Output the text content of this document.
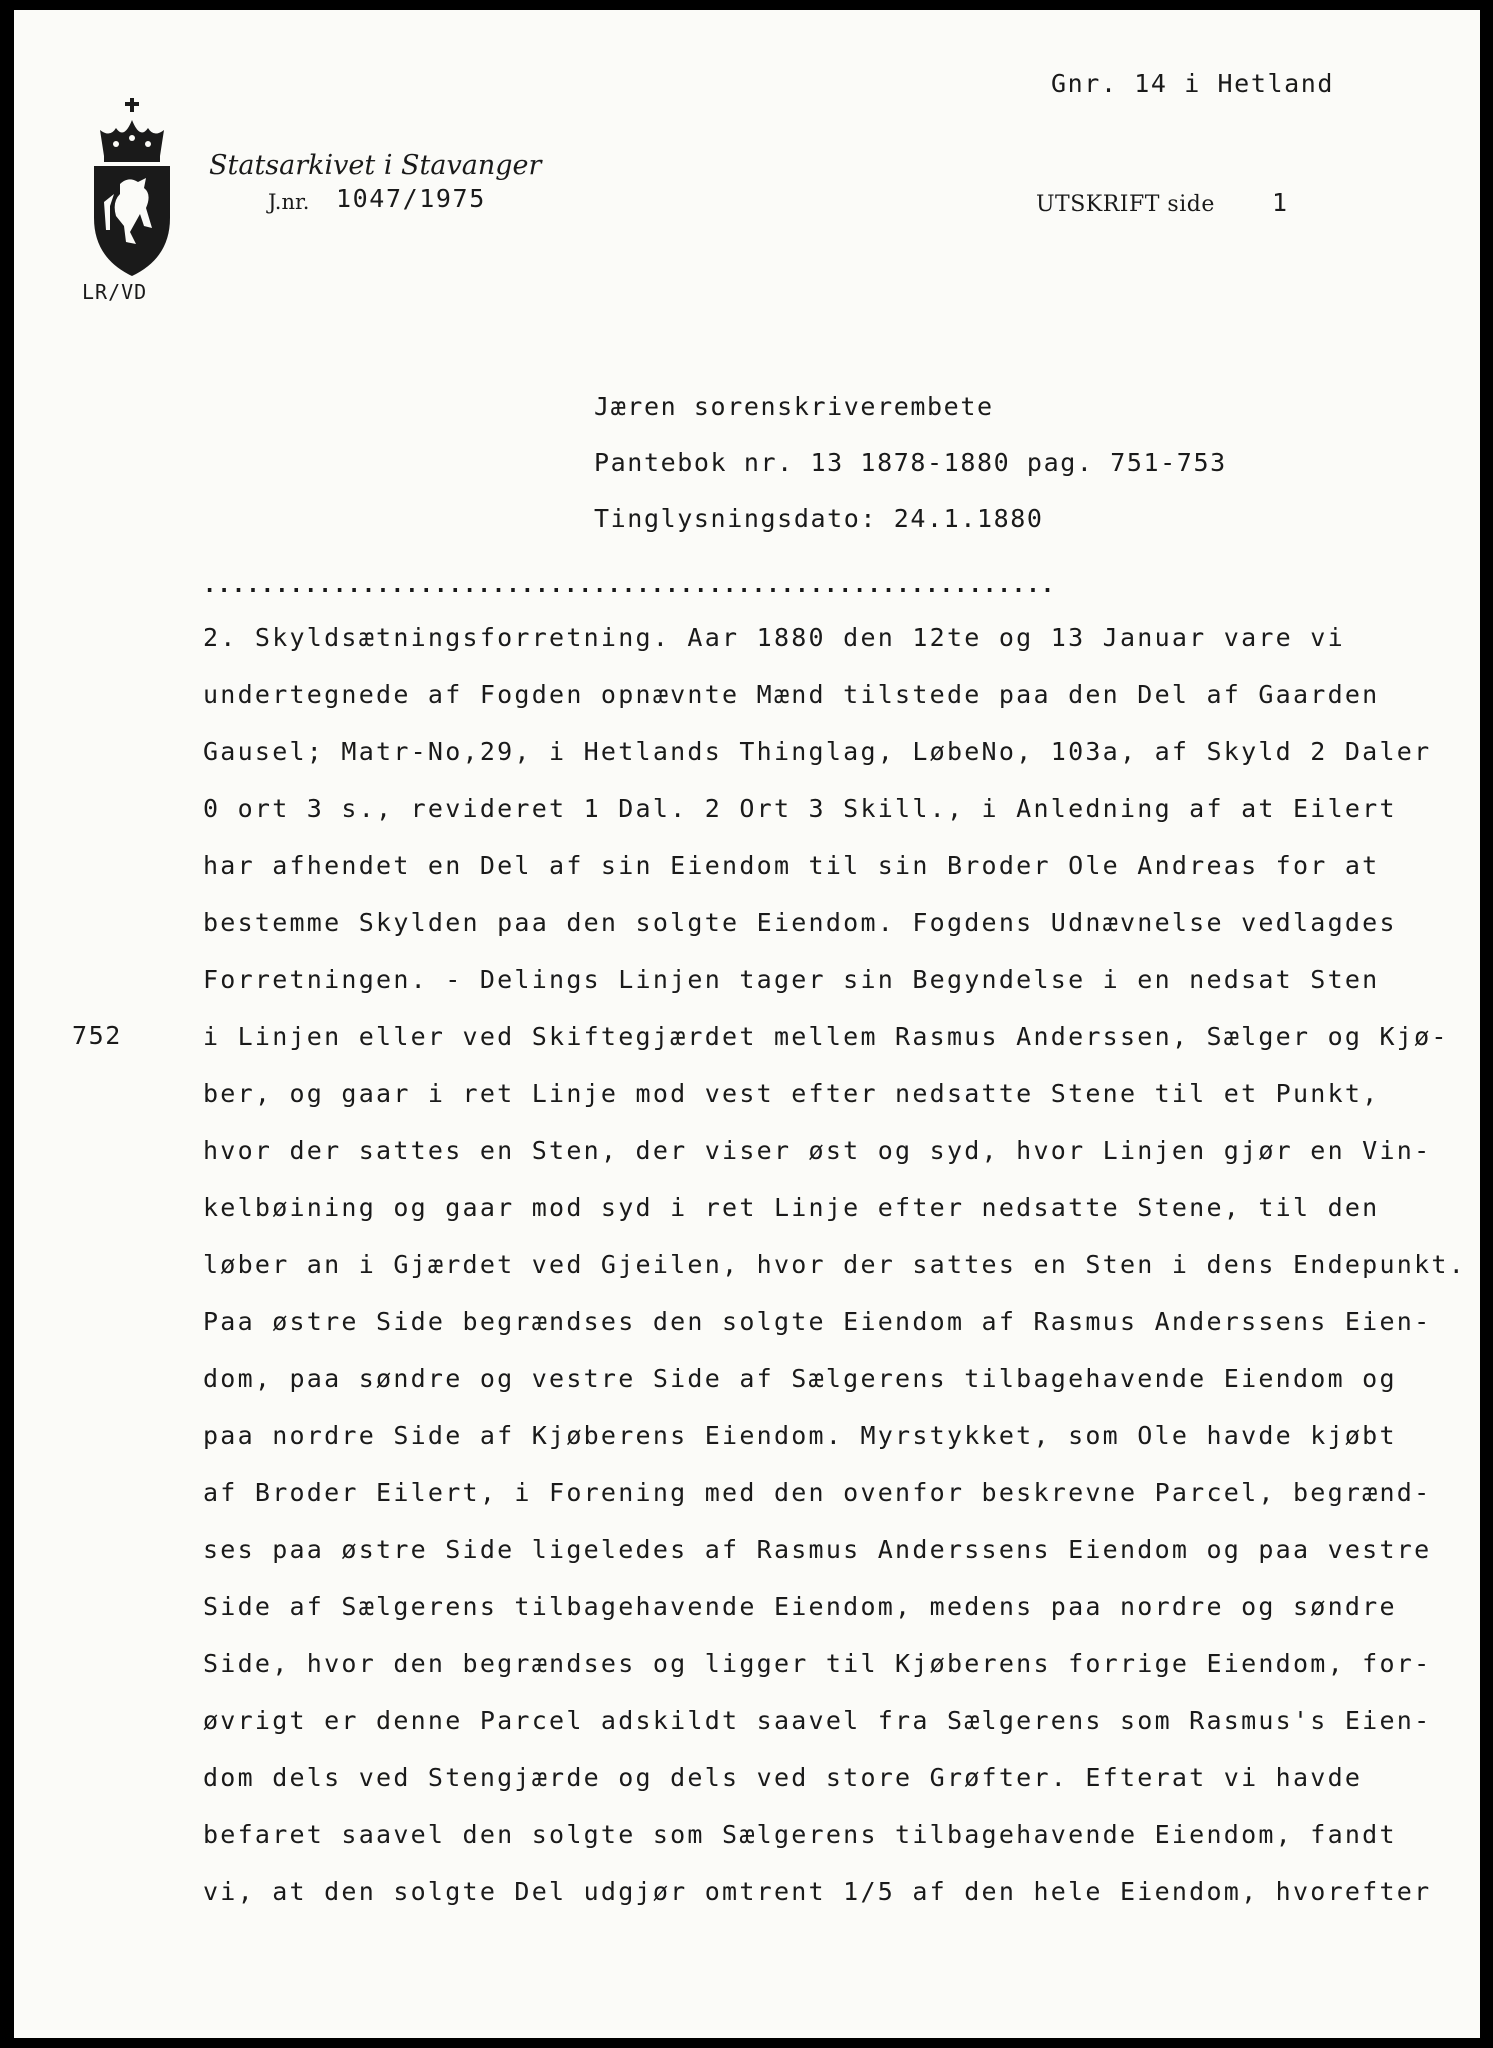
Statsarkivet i Stavanger
J.nr. 1047/1975
Gnr. 14 i Hetland
UTSKRIFT side 1
LR/VD
Jæren sorenskriverembete
Pantebok nr. 13 1878-1880 pag. 751-753
Tinglysningsdato: 24.1.1880
...........................................................
752
2. Skyldsætningsforretning. Aar 1880 den 12te og 13 Januar vare vi
undertegnede af Fogden opnævnte Mænd tilstede paa den Del af Gaarden
Gausel; Matr-No,29, i Hetlands Thinglag, LøbeNo, 103a, af Skyld 2 Daler
0 ort 3 s., revideret 1 Dal. 2 Ort 3 Skill., i Anledning af at Eilert
har afhendet en Del af sin Eiendom til sin Broder Ole Andreas for at
bestemme Skylden paa den solgte Eiendom. Fogdens Udnævnelse vedlagdes
Forretningen. - Delings Linjen tager sin Begyndelse i en nedsat Sten
i Linjen eller ved Skiftegjærdet mellem Rasmus Anderssen, Sælger og Kjø-
ber, og gaar i ret Linje mod vest efter nedsatte Stene til et Punkt,
hvor der sattes en Sten, der viser øst og syd, hvor Linjen gjør en Vin-
kelbøining og gaar mod syd i ret Linje efter nedsatte Stene, til den
løber an i Gjærdet ved Gjeilen, hvor der sattes en Sten i dens Endepunkt.
Paa østre Side begrændses den solgte Eiendom af Rasmus Anderssens Eien-
dom, paa søndre og vestre Side af Sælgerens tilbagehavende Eiendom og
paa nordre Side af Kjøberens Eiendom. Myrstykket, som Ole havde kjøbt
af Broder Eilert, i Forening med den ovenfor beskrevne Parcel, begrænd-
ses paa østre Side ligeledes af Rasmus Anderssens Eiendom og paa vestre
Side af Sælgerens tilbagehavende Eiendom, medens paa nordre og søndre
Side, hvor den begrændses og ligger til Kjøberens forrige Eiendom, for-
øvrigt er denne Parcel adskildt saavel fra Sælgerens som Rasmus's Eien-
dom dels ved Stengjærde og dels ved store Grøfter. Efterat vi havde
befaret saavel den solgte som Sælgerens tilbagehavende Eiendom, fandt
vi, at den solgte Del udgjør omtrent 1/5 af den hele Eiendom, hvorefter
